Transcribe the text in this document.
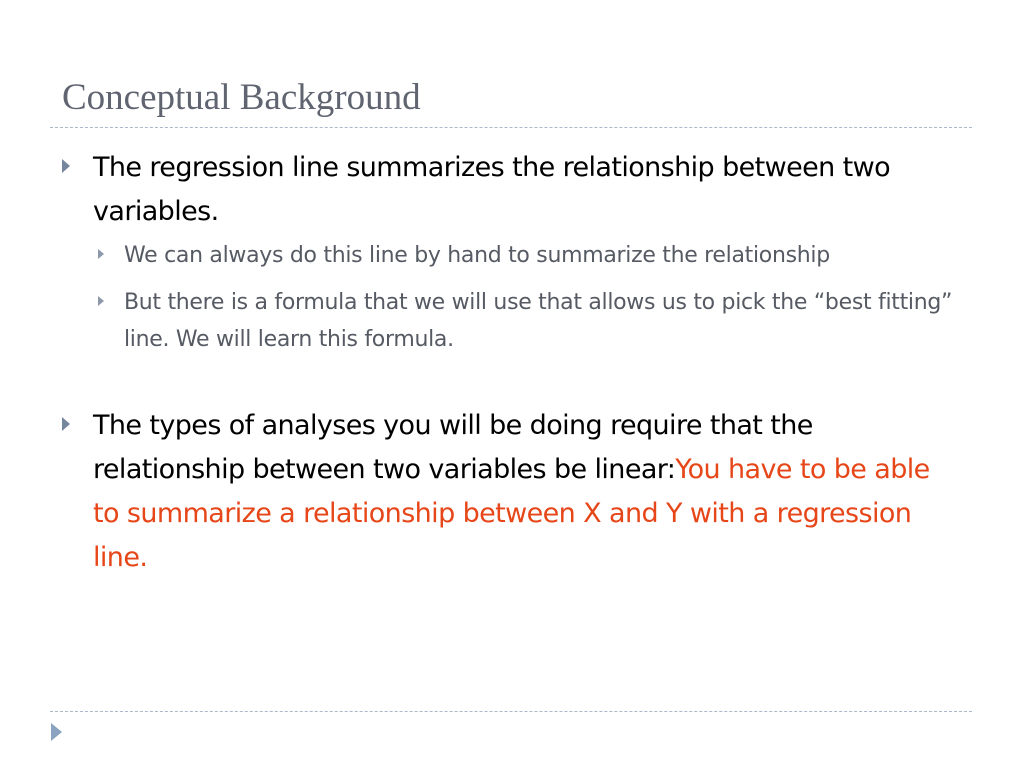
Conceptual Background
The regression line summarizes the relationship between two variables.
We can always do this line by hand to summarize the relationship
But there is a formula that we will use that allows us to pick the “best fitting” line. We will learn this formula.
The types of analyses you will be doing require that the relationship between two variables be linear:You have to be able to summarize a relationship between X and Y with a regression line.
